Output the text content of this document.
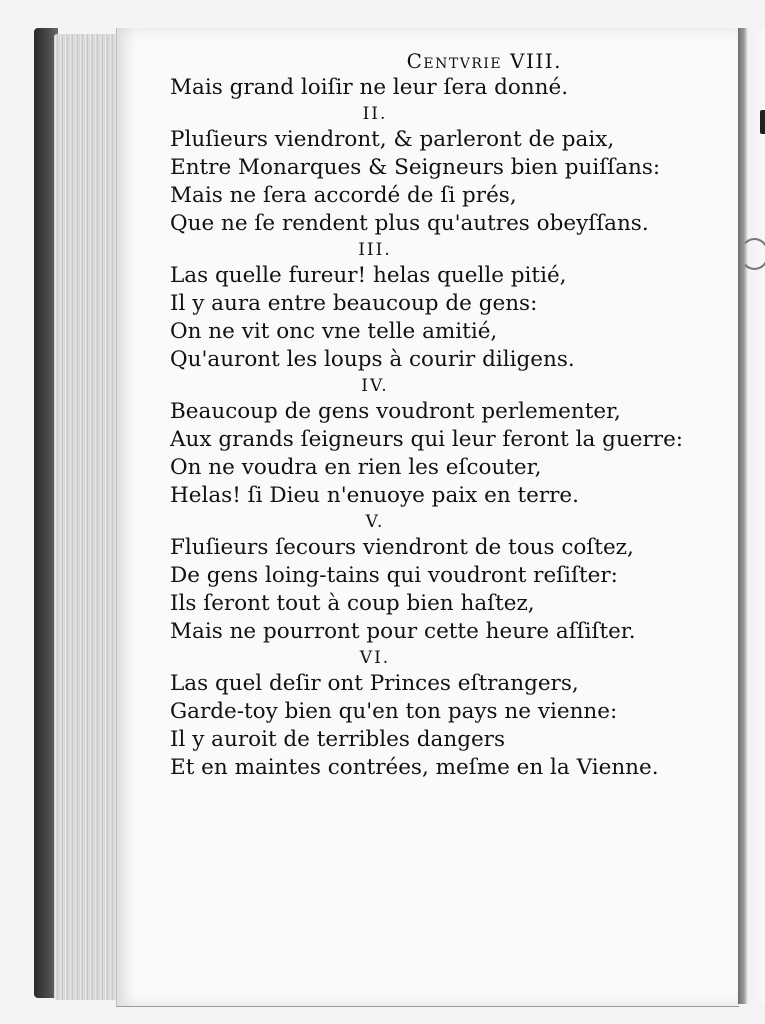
Centvrie VIII.
Mais grand loiſir ne leur ſera donné.
II.
Pluſieurs viendront, & parleront de paix,
Entre Monarques & Seigneurs bien puiſſans:
Mais ne ſera accordé de ſi prés,
Que ne ſe rendent plus qu'autres obeyſſans.
III.
Las quelle fureur! helas quelle pitié,
Il y aura entre beaucoup de gens:
On ne vit onc vne telle amitié,
Qu'auront les loups à courir diligens.
IV.
Beaucoup de gens voudront perlementer,
Aux grands ſeigneurs qui leur feront la guerre:
On ne voudra en rien les eſcouter,
Helas! ſi Dieu n'enuoye paix en terre.
V.
Fluſieurs ſecours viendront de tous coſtez,
De gens loing-tains qui voudront reſiſter:
Ils ſeront tout à coup bien haſtez,
Mais ne pourront pour cette heure aſſiſter.
VI.
Las quel deſir ont Princes eſtrangers,
Garde-toy bien qu'en ton pays ne vienne:
Il y auroit de terribles dangers
Et en maintes contrées, meſme en la Vienne.
